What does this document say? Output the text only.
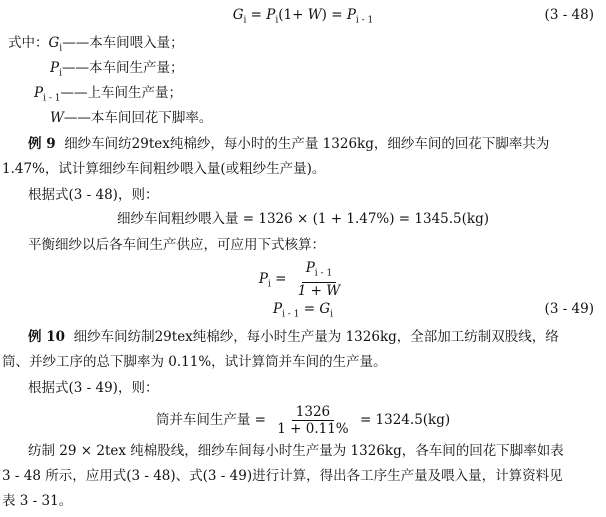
$G_i = P_i(1+ W) = P_{i - 1}$	(3 - 48)
式中：$G_i——$本车间喂入量；
$P_i——$本车间生产量；
$P_{i - 1}——$上车间生产量；
W——本车间回花下脚率。
例 9 细纱车间纺29tex纯棉纱，每小时的生产量 1326kg，细纱车间的回花下脚率共为
1.47%，试计算细纱车间粗纱喂入量(或粗纱生产量)。
根据式(3 - 48)，则：
细纱车间粗纱喂入量 = 1326 × (1 + 1.47%) = 1345.5(kg)
平衡细纱以后各车间生产供应，可应用下式核算：
$P_i = \frac{P_{i - 1}}{1 + W}$
$P_{i - 1} = G_i$	(3 - 49)
例 10 细纱车间纺制29tex纯棉纱，每小时生产量为 1326kg，全部加工纺制双股线，络
筒、并纱工序的总下脚率为 0.11%，试计算筒并车间的生产量。
根据式(3 - 49)，则：
筒并车间生产量 = $\frac{1326}{1 + 0.11\%} = 1324.5(kg)$
纺制 29 × 2tex 纯棉股线，细纱车间每小时生产量为 1326kg，各车间的回花下脚率如表
3 - 48 所示，应用式(3 - 48)、式(3 - 49)进行计算，得出各工序生产量及喂入量，计算资料见
表 3 - 31。
